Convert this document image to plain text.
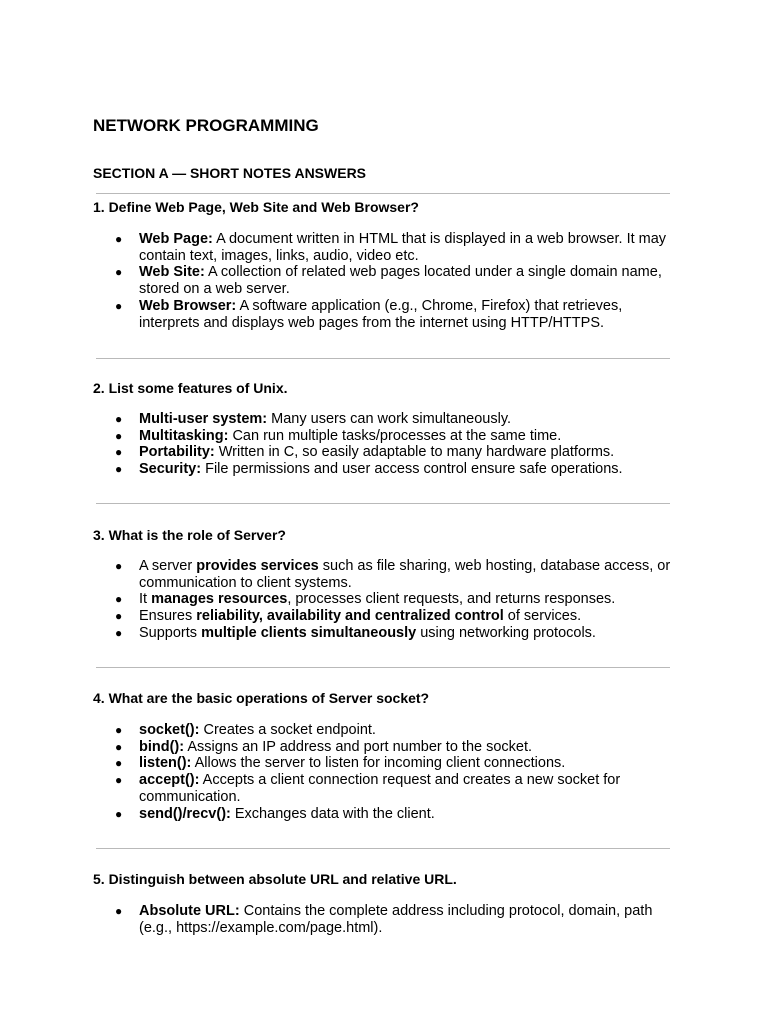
NETWORK PROGRAMMING
SECTION A — SHORT NOTES ANSWERS

1. Define Web Page, Web Site and Web Browser?

● Web Page: A document written in HTML that is displayed in a web browser. It may contain text, images, links, audio, video etc.
● Web Site: A collection of related web pages located under a single domain name, stored on a web server.
● Web Browser: A software application (e.g., Chrome, Firefox) that retrieves, interprets and displays web pages from the internet using HTTP/HTTPS.

2. List some features of Unix.

● Multi-user system: Many users can work simultaneously.
● Multitasking: Can run multiple tasks/processes at the same time.
● Portability: Written in C, so easily adaptable to many hardware platforms.
● Security: File permissions and user access control ensure safe operations.

3. What is the role of Server?

● A server provides services such as file sharing, web hosting, database access, or communication to client systems.
● It manages resources, processes client requests, and returns responses.
● Ensures reliability, availability and centralized control of services.
● Supports multiple clients simultaneously using networking protocols.

4. What are the basic operations of Server socket?

● socket(): Creates a socket endpoint.
● bind(): Assigns an IP address and port number to the socket.
● listen(): Allows the server to listen for incoming client connections.
● accept(): Accepts a client connection request and creates a new socket for communication.
● send()/recv(): Exchanges data with the client.

5. Distinguish between absolute URL and relative URL.

● Absolute URL: Contains the complete address including protocol, domain, path (e.g., https://example.com/page.html).
